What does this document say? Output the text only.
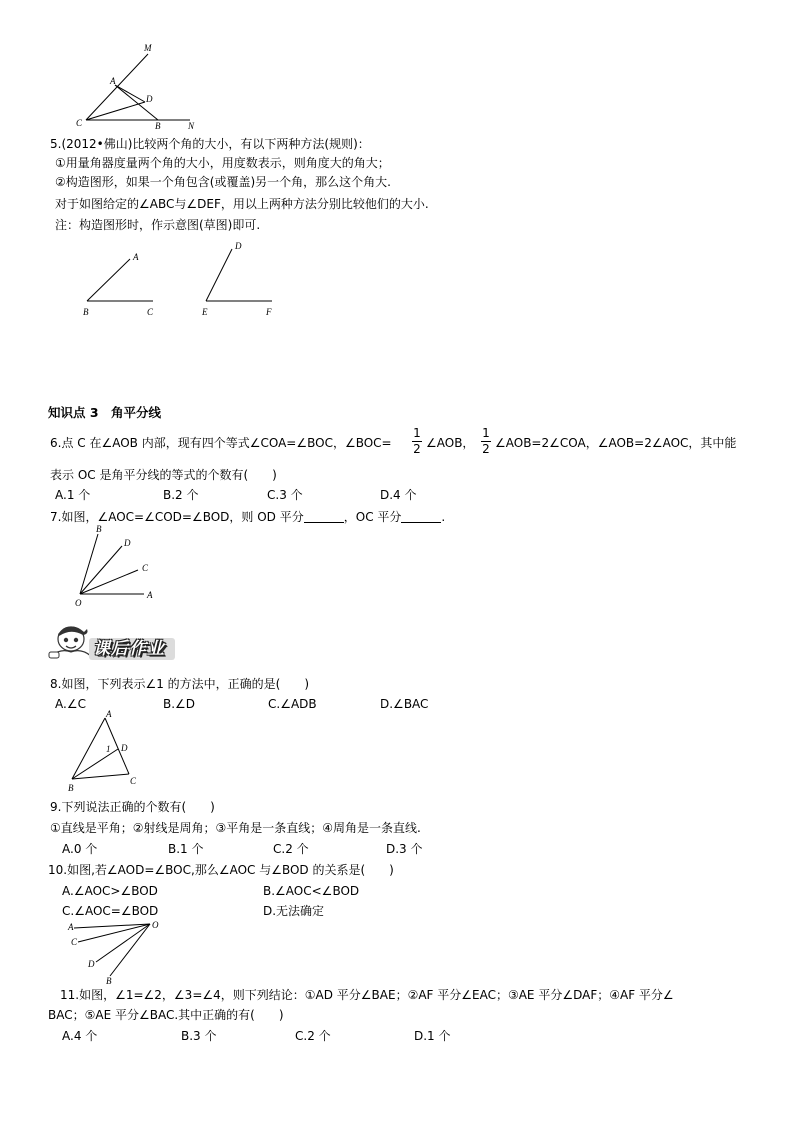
M
A
D
C	B	N
5.(2012•佛山)比较两个角的大小，有以下两种方法(规则)：
①用量角器度量两个角的大小，用度数表示，则角度大的角大；
②构造图形，如果一个角包含(或覆盖)另一个角，那么这个角大.
对于如图给定的∠ABC与∠DEF，用以上两种方法分别比较他们的大小.
注：构造图形时，作示意图(草图)即可.
A
B	C
D
E	F
知识点 3　角平分线
6.点 C 在∠AOB 内部，现有四个等式∠COA=∠BOC，∠BOC=
1
2 ∠AOB，
1
2 ∠AOB=2∠COA，∠AOB=2∠AOC，其中能
表示 OC 是角平分线的等式的个数有(　　)
A.1 个	B.2 个	C.3 个	D.4 个
7.如图，∠AOC=∠COD=∠BOD，则 OD 平分	，OC 平分	.
B
D
C
O
A
课后作业
8.如图，下列表示∠1 的方法中，正确的是(　　)
A.∠C	B.∠D	C.∠ADB	D.∠BAC
A
1 D
B
C
9.下列说法正确的个数有(　　)
①直线是平角；②射线是周角；③平角是一条直线；④周角是一条直线.
A.0 个	B.1 个	C.2 个	D.3 个
10.如图,若∠AOD=∠BOC,那么∠AOC 与∠BOD 的关系是(　　)
A.∠AOC>∠BOD	B.∠AOC<∠BOD
C.∠AOC=∠BOD	D.无法确定
O
A
C
D
B
11.如图，∠1=∠2，∠3=∠4，则下列结论：①AD 平分∠BAE；②AF 平分∠EAC；③AE 平分∠DAF；④AF 平分∠
BAC；⑤AE 平分∠BAC.其中正确的有(　　)
A.4 个	B.3 个	C.2 个	D.1 个
